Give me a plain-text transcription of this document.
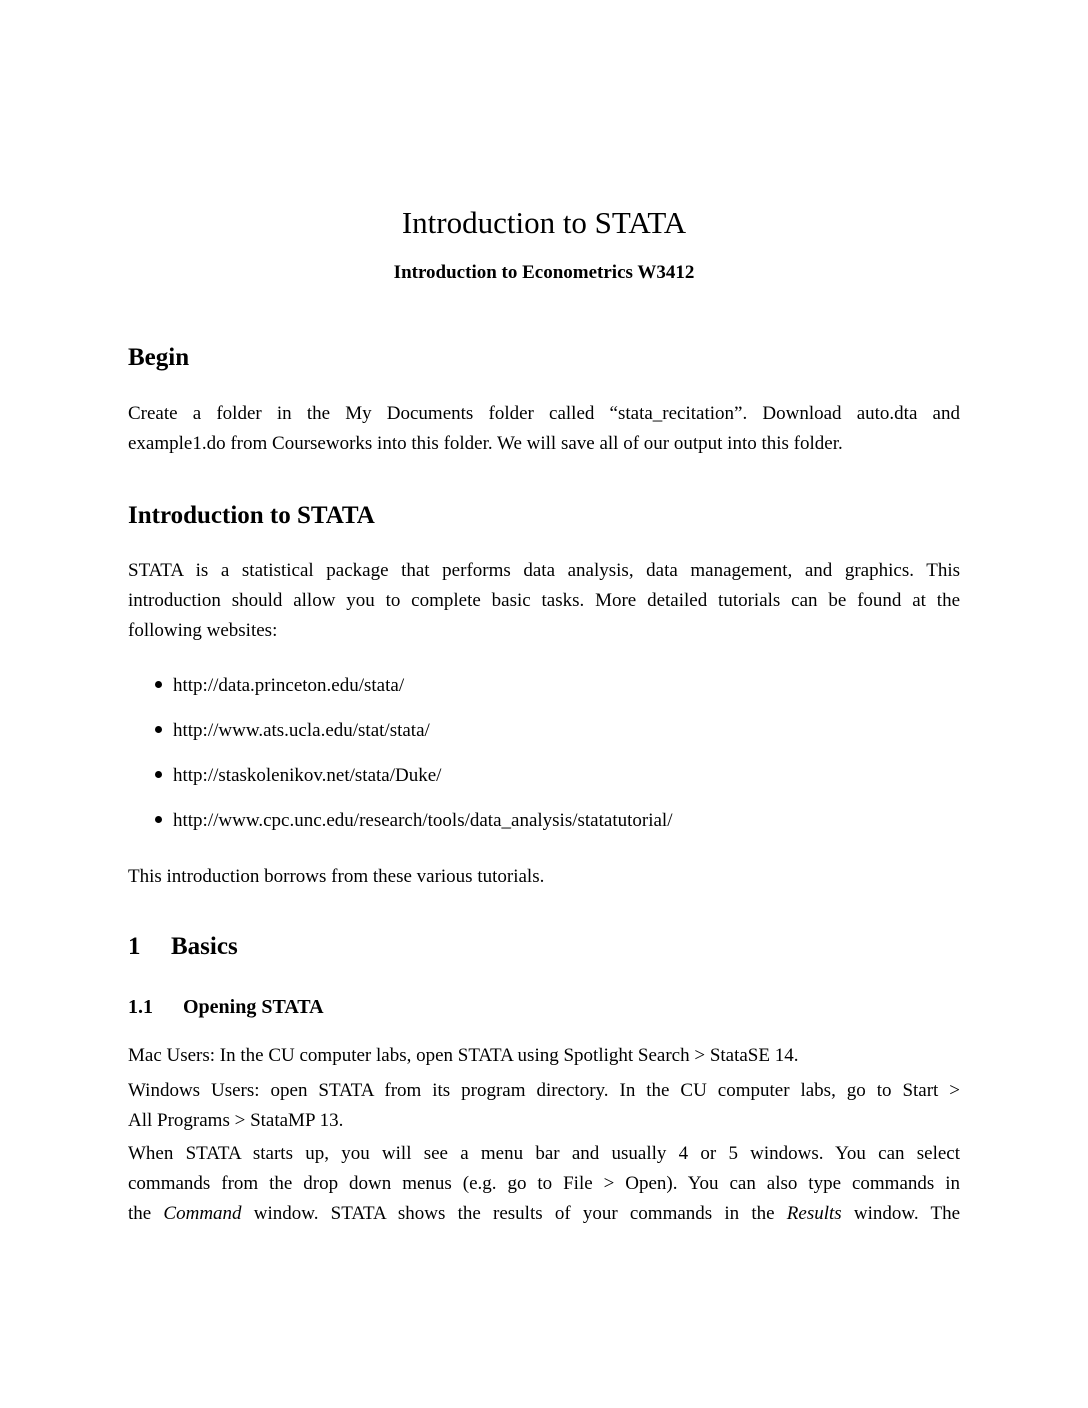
Introduction to STATA
Introduction to Econometrics W3412
Begin
Create a folder in the My Documents folder called “stata_recitation”. Download auto.dta and
example1.do from Courseworks into this folder. We will save all of our output into this folder.
Introduction to STATA
STATA is a statistical package that performs data analysis, data management, and graphics. This
introduction should allow you to complete basic tasks. More detailed tutorials can be found at the
following websites:
http://data.princeton.edu/stata/
http://www.ats.ucla.edu/stat/stata/
http://staskolenikov.net/stata/Duke/
http://www.cpc.unc.edu/research/tools/data_analysis/statatutorial/
This introduction borrows from these various tutorials.
1 Basics
1.1 Opening STATA
Mac Users: In the CU computer labs, open STATA using Spotlight Search > StataSE 14.
Windows Users: open STATA from its program directory. In the CU computer labs, go to Start >
All Programs > StataMP 13.
When STATA starts up, you will see a menu bar and usually 4 or 5 windows. You can select
commands from the drop down menus (e.g. go to File > Open). You can also type commands in
the Command window. STATA shows the results of your commands in the Results window. The
